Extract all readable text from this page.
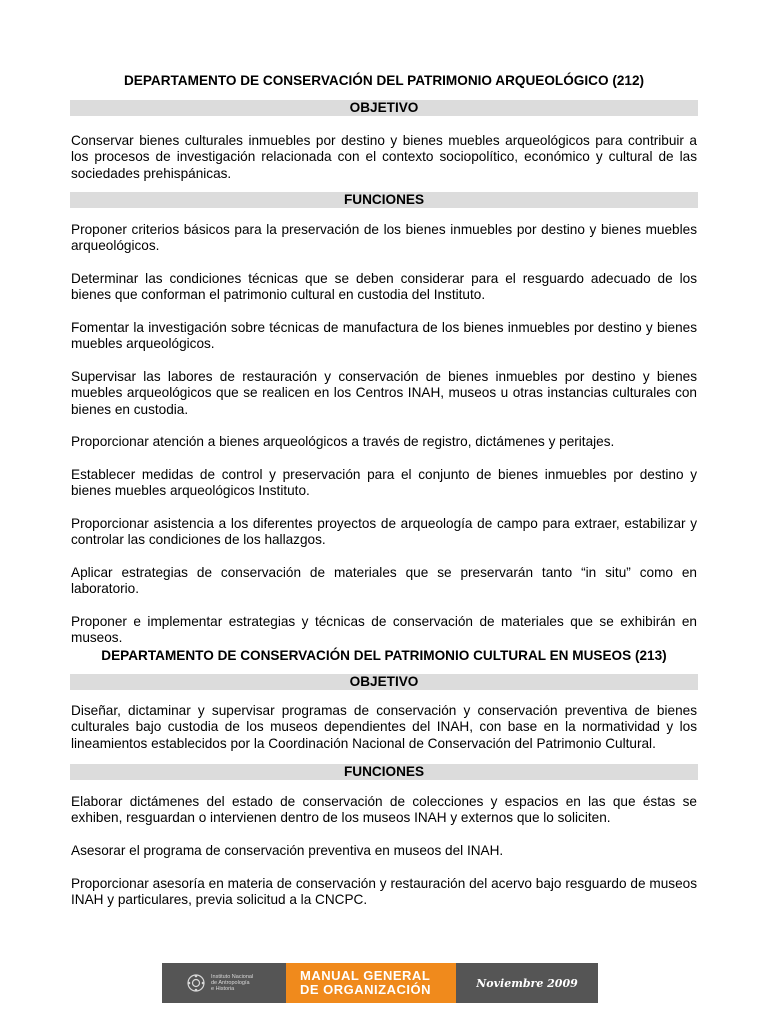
DEPARTAMENTO DE CONSERVACIÓN DEL PATRIMONIO ARQUEOLÓGICO (212)
OBJETIVO
Conservar bienes culturales inmuebles por destino y bienes muebles arqueológicos para contribuir a los procesos de investigación relacionada con el contexto sociopolítico, económico y cultural de las sociedades prehispánicas.
FUNCIONES
Proponer criterios básicos para la preservación de los bienes inmuebles por destino y bienes muebles arqueológicos.
Determinar las condiciones técnicas que se deben considerar para el resguardo adecuado de los bienes que conforman el patrimonio cultural en custodia del Instituto.
Fomentar la investigación sobre técnicas de manufactura de los bienes inmuebles por destino y bienes muebles arqueológicos.
Supervisar las labores de restauración y conservación de bienes inmuebles por destino y bienes muebles arqueológicos que se realicen en los Centros INAH, museos u otras instancias culturales con bienes en custodia.
Proporcionar atención a bienes arqueológicos a través de registro, dictámenes y peritajes.
Establecer medidas de control y preservación para el conjunto de bienes inmuebles por destino y bienes muebles arqueológicos Instituto.
Proporcionar asistencia a los diferentes proyectos de arqueología de campo para extraer, estabilizar y controlar las condiciones de los hallazgos.
Aplicar estrategias de conservación de materiales que se preservarán tanto “in situ” como en laboratorio.
Proponer e implementar estrategias y técnicas de conservación de materiales que se exhibirán en museos.
DEPARTAMENTO DE CONSERVACIÓN DEL PATRIMONIO CULTURAL EN MUSEOS (213)
OBJETIVO
Diseñar, dictaminar y supervisar programas de conservación y conservación preventiva de bienes culturales bajo custodia de los museos dependientes del INAH, con base en la normatividad y los lineamientos establecidos por la Coordinación Nacional de Conservación del Patrimonio Cultural.
FUNCIONES
Elaborar dictámenes del estado de conservación de colecciones y espacios en las que éstas se exhiben, resguardan o intervienen dentro de los museos INAH y externos que lo soliciten.
Asesorar el programa de conservación preventiva en museos del INAH.
Proporcionar asesoría en materia de conservación y restauración del acervo bajo resguardo de museos INAH y particulares, previa solicitud a la CNCPC.
Instituto Nacional
de Antropología
e Historia
MANUAL GENERAL
DE ORGANIZACIÓN	Noviembre 2009
